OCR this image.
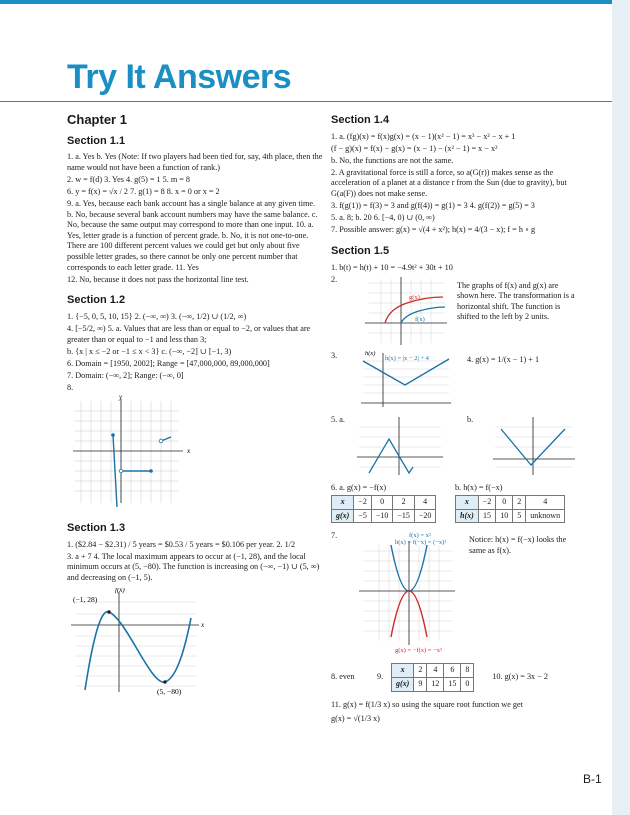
Try It Answers
Chapter 1
Section 1.1

1. a. Yes b. Yes (Note: If two players had been tied for, say, 4th place, then the name would not have been a function of rank.)

2. w = f(d) 3. Yes 4. g(5) = 1 5. m = 8

6. y = f(x) = √x / 2 7. g(1) = 8 8. x = 0 or x = 2

9. a. Yes, because each bank account has a single balance at any given time. b. No, because several bank account numbers may have the same balance. c. No, because the same output may correspond to more than one input. 10. a. Yes, letter grade is a function of percent grade. b. No, it is not one-to-one. There are 100 different percent values we could get but only about five possible letter grades, so there cannot be only one percent number that corresponds to each letter grade. 11. Yes

12. No, because it does not pass the horizontal line test.

Section 1.2

1. {−5, 0, 5, 10, 15} 2. (−∞, ∞) 3. (−∞, 1/2) ∪ (1/2, ∞)

4. [−5/2, ∞) 5. a. Values that are less than or equal to −2, or values that are greater than or equal to −1 and less than 3;

b. {x | x ≤ −2 or −1 ≤ x < 3} c. (−∞, −2] ∪ [−1, 3)

6. Domain = [1950, 2002]; Range = [47,000,000, 89,000,000]

7. Domain: (−∞, 2]; Range: (−∞, 0]

8.

x
y
Section 1.3

1. ($2.84 − $2.31) / 5 years = $0.53 / 5 years = $0.106 per year. 2. 1/2

3. a + 7 4. The local maximum appears to occur at (−1, 28), and the local minimum occurs at (5, −80). The function is increasing on (−∞, −1) ∪ (5, ∞) and decreasing on (−1, 5).

f(x)
x
(−1, 28)
(5, −80)
Section 1.4

1. a. (fg)(x) = f(x)g(x) = (x − 1)(x² − 1) = x³ − x² − x + 1

(f − g)(x) = f(x) − g(x) = (x − 1) − (x² − 1) = x − x²

b. No, the functions are not the same.

2. A gravitational force is still a force, so a(G(r)) makes sense as the acceleration of a planet at a distance r from the Sun (due to gravity), but G(a(F)) does not make sense.

3. f(g(1)) = f(3) = 3 and g(f(4)) = g(1) = 3 4. g(f(2)) = g(5) = 3

5. a. 8; b. 20 6. [−4, 0) ∪ (0, ∞)

7. Possible answer: g(x) = √(4 + x²); h(x) = 4/(3 − x); f = h ∘ g

Section 1.5

1. b(t) = h(t) + 10 = −4.9t² + 30t + 10

2.
g(x)
f(x)

The graphs of f(x) and g(x) are shown here. The transformation is a horizontal shift. The function is shifted to the left by 2 units.

3.	h(x) = |x − 2| + 4
h(x)

4. g(x) = 1/(x − 1) + 1

5. a.	b.

6. a. g(x) = −f(x)

x	−2	0	2	4
g(x)	−5	−10	−15	−20

b. h(x) = f(−x)

x	−2	0	2	4
h(x)	15	10	5	unknown
7.	f(x) = x²
h(x) = f(−x) = (−x)²
g(x) = −f(x) = −x²

Notice: h(x) = f(−x) looks the same as f(x).

8. even	9.
x	2	4	6	8
g(x)	9	12	15	0
10. g(x) = 3x − 2

11. g(x) = f(1/3 x) so using the square root function we get

g(x) = √(1/3 x)

B-1
